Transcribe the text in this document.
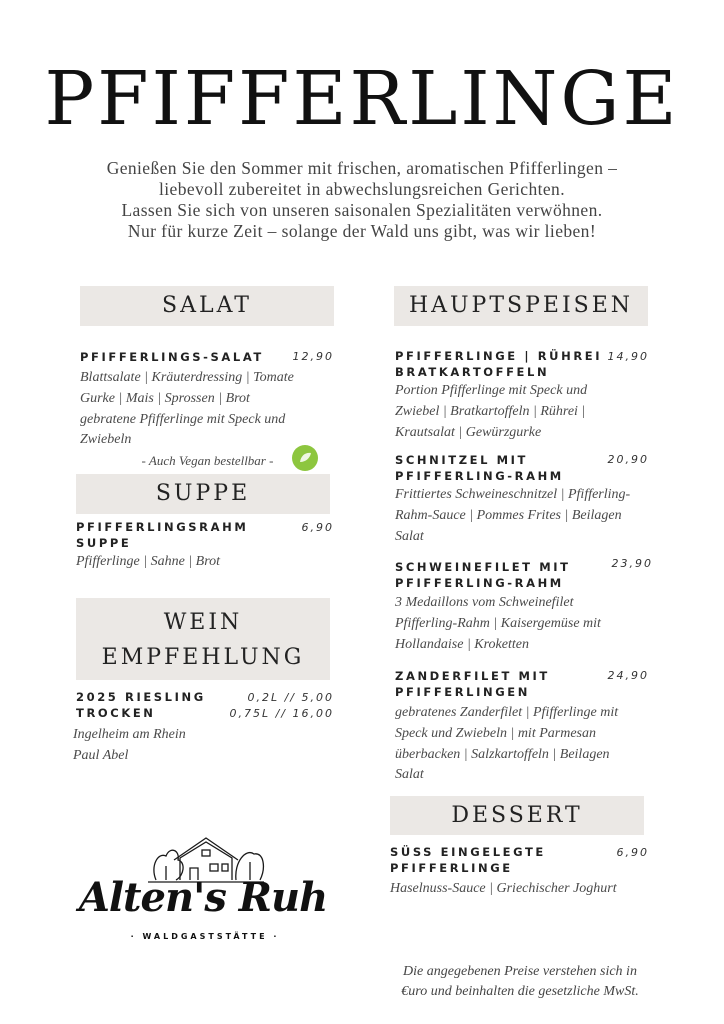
PFIFFERLINGE
Genießen Sie den Sommer mit frischen, aromatischen Pfifferlingen –
liebevoll zubereitet in abwechslungsreichen Gerichten.
Lassen Sie sich von unseren saisonalen Spezialitäten verwöhnen.
Nur für kurze Zeit – solange der Wald uns gibt, was wir lieben!
SALAT
PFIFFERLINGS-SALAT	12,90
Blattsalate | Kräuterdressing | Tomate
Gurke | Mais | Sprossen | Brot
gebratene Pfifferlinge mit Speck und
Zwiebeln
- Auch Vegan bestellbar -
SUPPE
PFIFFERLINGSRAHM
SUPPE
6,90
Pfifferlinge | Sahne | Brot
WEIN
EMPFEHLUNG
2025 RIESLING
TROCKEN
0,2L // 5,00
0,75L // 16,00
Ingelheim am Rhein
Paul Abel
HAUPTSPEISEN
PFIFFERLINGE | RÜHREI
BRATKARTOFFELN
14,90
Portion Pfifferlinge mit Speck und
Zwiebel | Bratkartoffeln | Rührei |
Krautsalat | Gewürzgurke
SCHNITZEL MIT
PFIFFERLING-RAHM
20,90
Frittiertes Schweineschnitzel | Pfifferling-
Rahm-Sauce | Pommes Frites | Beilagen
Salat
SCHWEINEFILET MIT
PFIFFERLING-RAHM
23,90
3 Medaillons vom Schweinefilet
Pfifferling-Rahm | Kaisergemüse mit
Hollandaise | Kroketten
ZANDERFILET MIT
PFIFFERLINGEN
24,90
gebratenes Zanderfilet | Pfifferlinge mit
Speck und Zwiebeln | mit Parmesan
überbacken | Salzkartoffeln | Beilagen
Salat
DESSERT
SÜSS EINGELEGTE
PFIFFERLINGE
6,90
Haselnuss-Sauce | Griechischer Joghurt
Alten's Ruh
· WALDGASTSTÄTTE ·
Die angegebenen Preise verstehen sich in
€uro und beinhalten die gesetzliche MwSt.
